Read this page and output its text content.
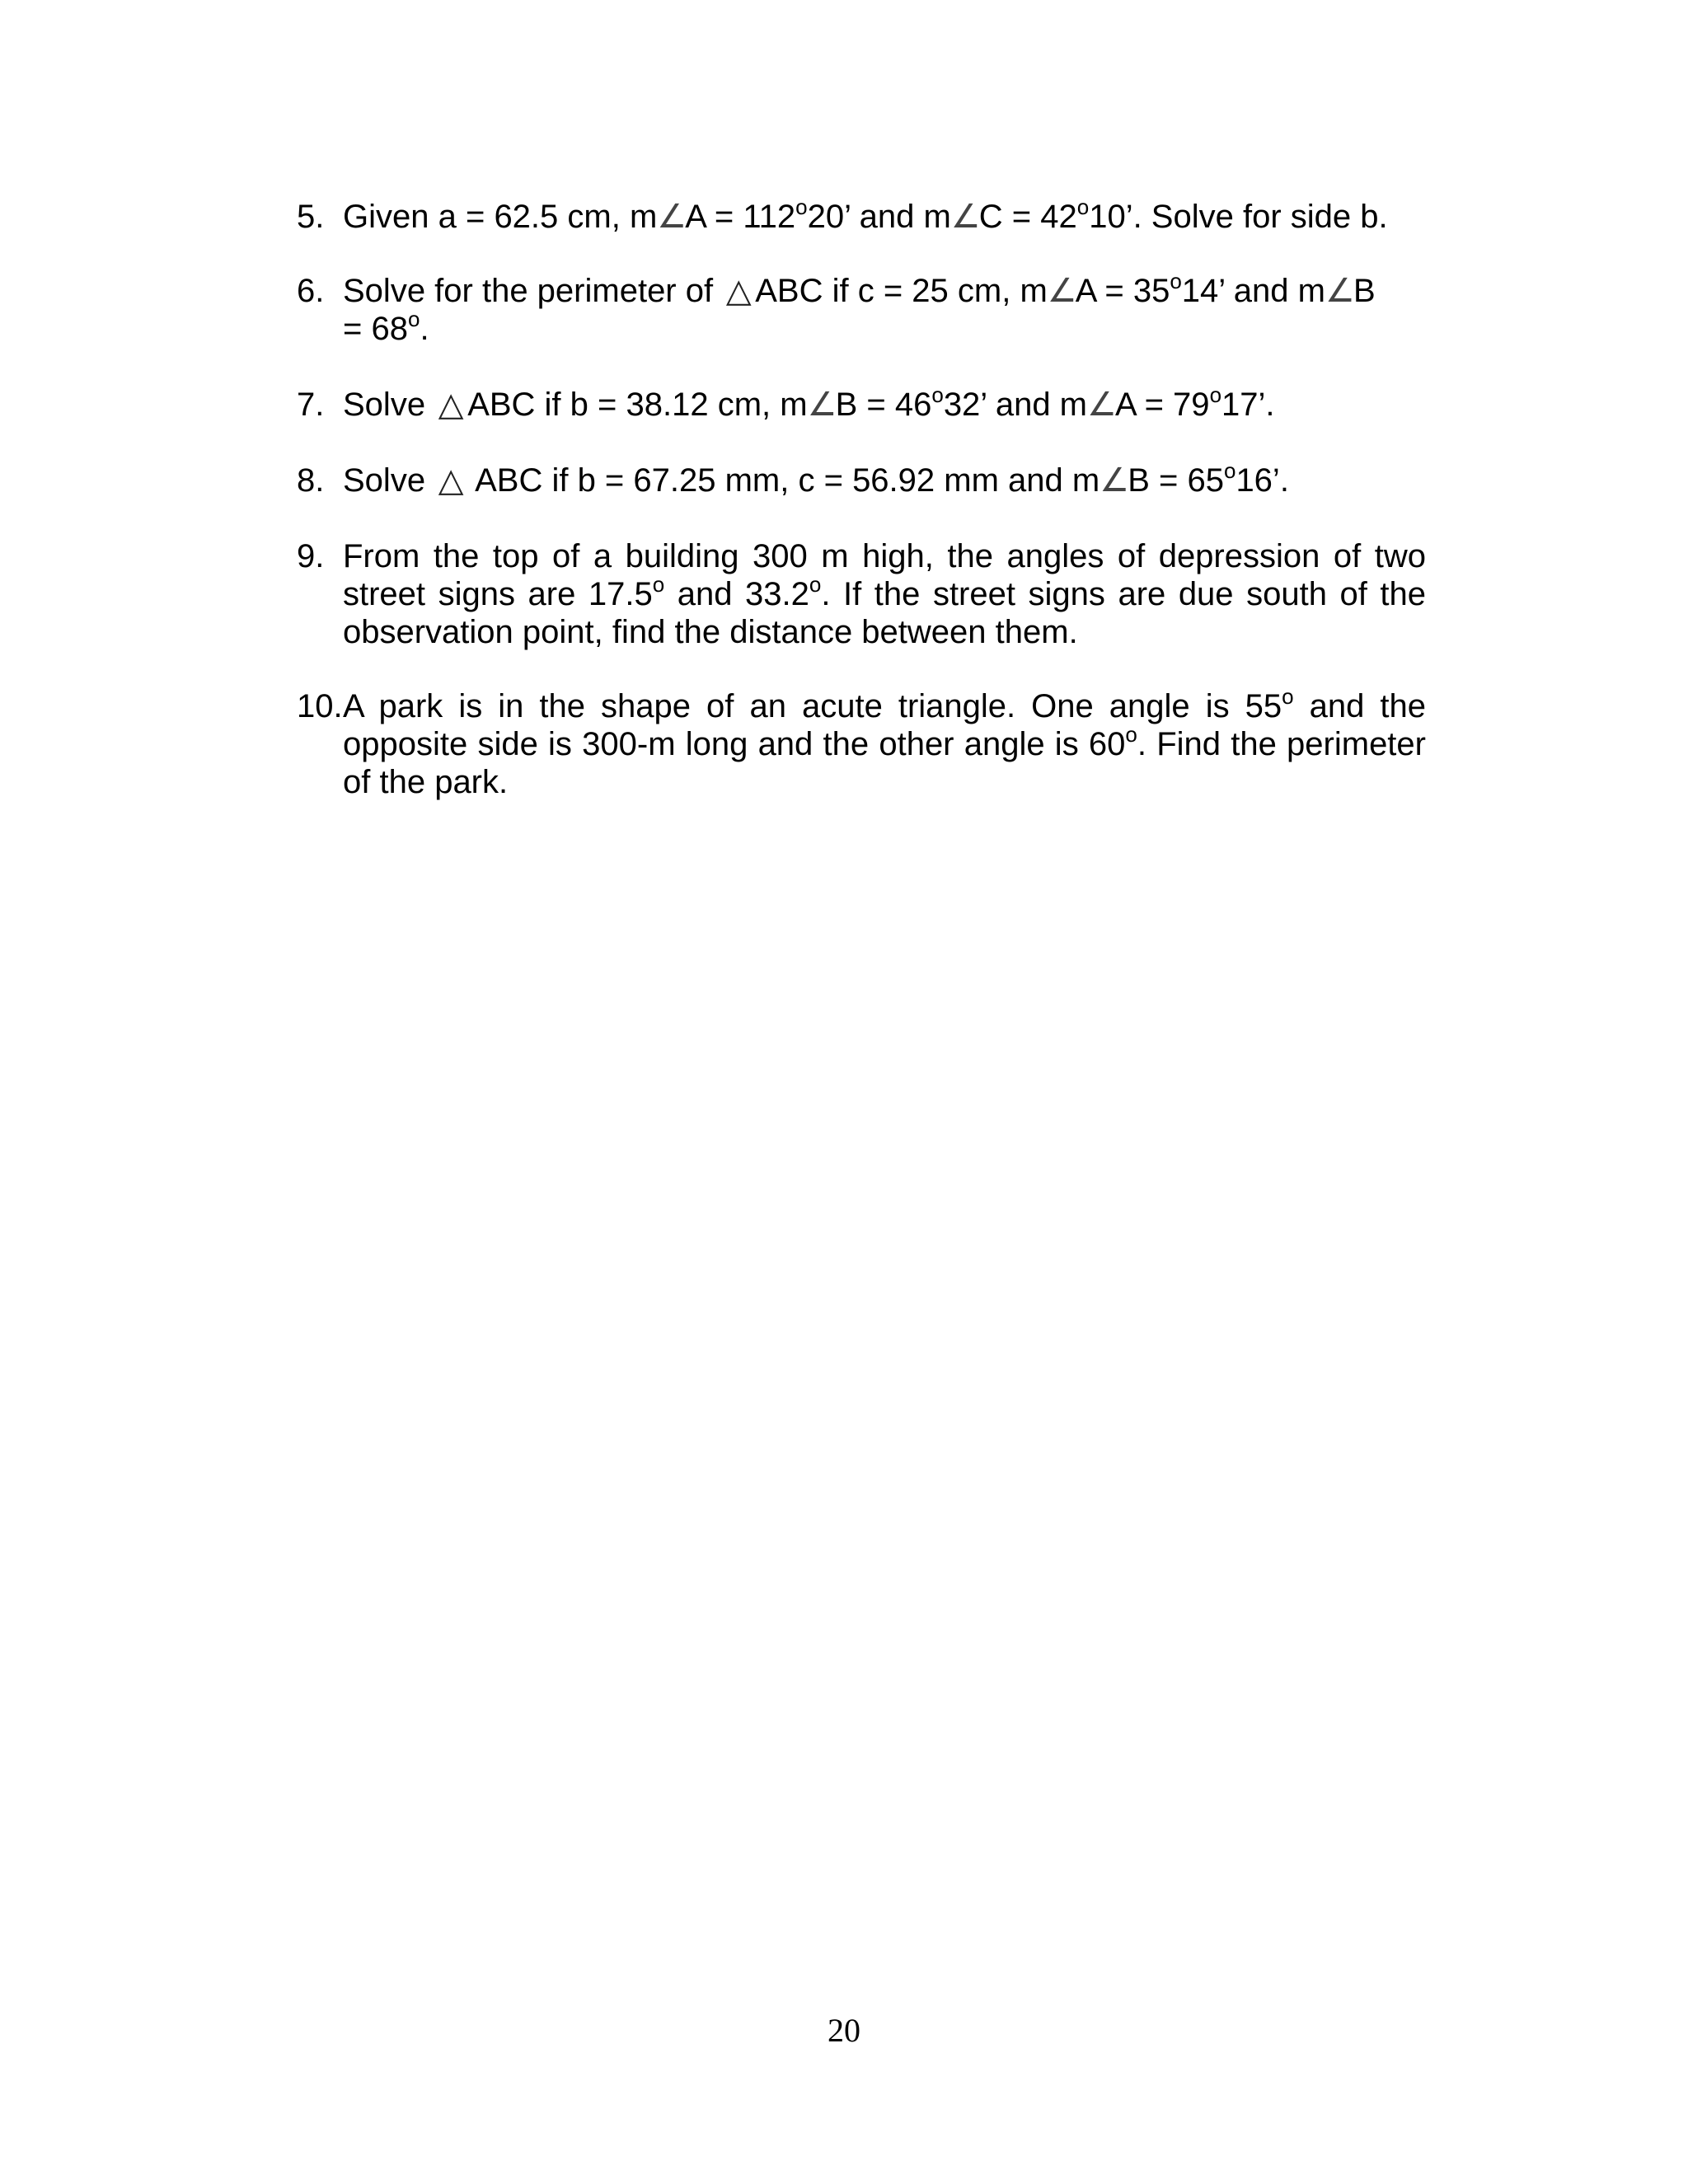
5. Given a = 62.5 cm, m∠A = $112^o20$’ and m∠C = $42^o10$’. Solve for side b.
6. Solve for the perimeter of △ ABC if c = 25 cm, m∠A = $35^o14$’ and m∠B
= $68^o$.
7. Solve △ ABC if b = 38.12 cm, m∠B = $46^o32$’ and m∠A = $79^o17$’.
8. Solve △ ABC if b = 67.25 mm, c = 56.92 mm and m∠B = $65^o16$’.
9. From the top of a building 300 m high, the angles of depression of two
street signs are 17.5$^o$ and 33.2$^o$. If the street signs are due south of the
observation point, find the distance between them.
10. A park is in the shape of an acute triangle. One angle is 55$^o$ and the
opposite side is 300-m long and the other angle is 60$^o$. Find the perimeter
of the park.
20
